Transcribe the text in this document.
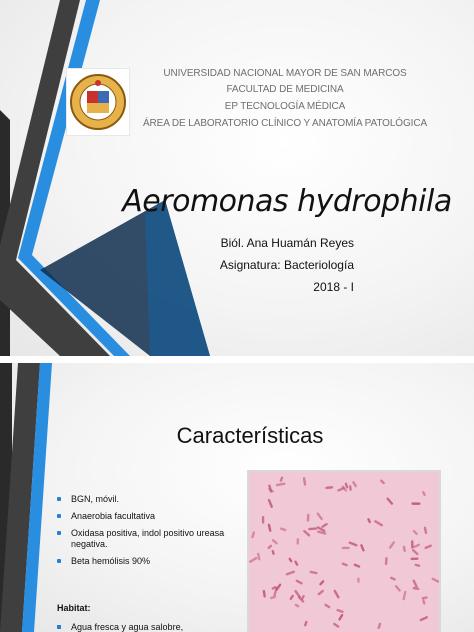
UNIVERSIDAD NACIONAL MAYOR DE SAN MARCOS
FACULTAD DE MEDICINA
EP TECNOLOGÍA MÉDICA
ÁREA DE LABORATORIO CLÍNICO Y ANATOMÍA PATOLÓGICA
Aeromonas hydrophila
Biól. Ana Huamán Reyes
Asignatura: Bacteriología
2018 - I
Características
BGN, móvil.
Anaerobia facultativa
Oxidasa positiva, indol positivo ureasa negativa.
Beta hemólisis 90%
Habitat:
Agua fresca y agua salobre,
